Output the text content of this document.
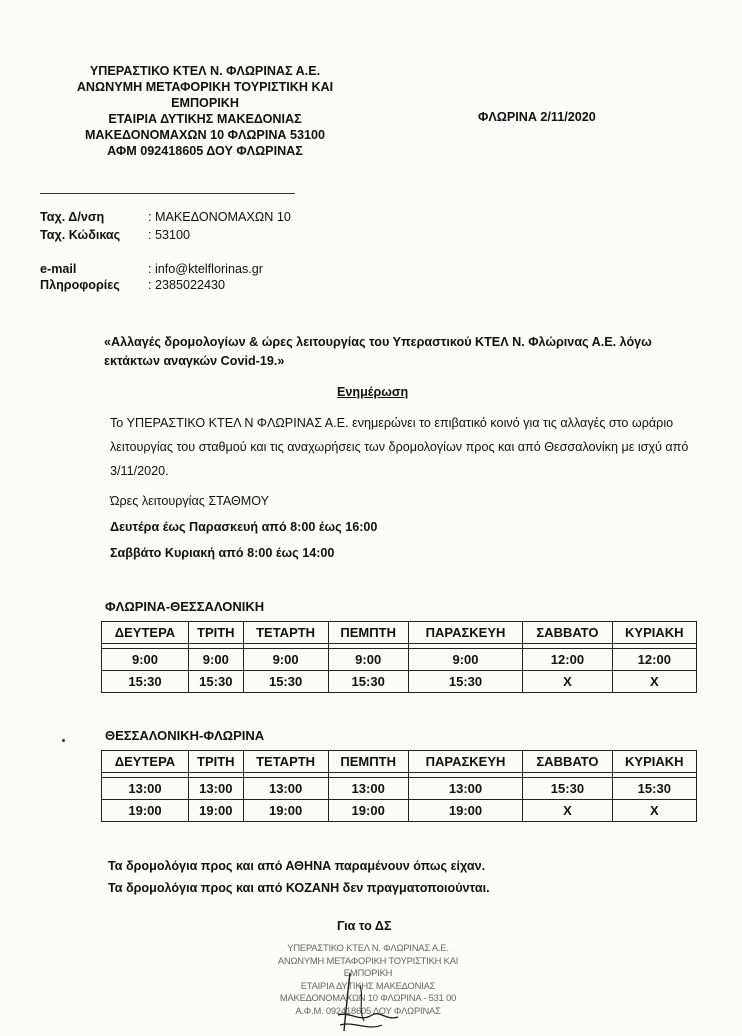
ΥΠΕΡΑΣΤΙΚΟ ΚΤΕΛ Ν. ΦΛΩΡΙΝΑΣ Α.Ε.
ΑΝΩΝΥΜΗ ΜΕΤΑΦΟΡΙΚΗ ΤΟΥΡΙΣΤΙΚΗ ΚΑΙ
ΕΜΠΟΡΙΚΗ
ΕΤΑΙΡΙΑ ΔΥΤΙΚΗΣ ΜΑΚΕΔΟΝΙΑΣ
ΜΑΚΕΔΟΝΟΜΑΧΩΝ 10 ΦΛΩΡΙΝΑ 53100
ΑΦΜ 092418605 ΔΟΥ ΦΛΩΡΙΝΑΣ
ΦΛΩΡΙΝΑ 2/11/2020
Ταχ. Δ/νση	: ΜΑΚΕΔΟΝΟΜΑΧΩΝ 10
Ταχ. Κώδικας	: 53100
e-mail	: info@ktelflorinas.gr
Πληροφορίες	: 2385022430
«Αλλαγές δρομολογίων & ώρες λειτουργίας του Υπεραστικού ΚΤΕΛ Ν. Φλώρινας Α.Ε. λόγω εκτάκτων αναγκών Covid-19.»
Ενημέρωση
Το ΥΠΕΡΑΣΤΙΚΟ ΚΤΕΛ Ν ΦΛΩΡΙΝΑΣ Α.Ε. ενημερώνει το επιβατικό κοινό για τις αλλαγές στο ωράριο λειτουργίας του σταθμού και τις αναχωρήσεις των δρομολογίων προς και από Θεσσαλονίκη με ισχύ από 3/11/2020.
Ώρες λειτουργίας ΣΤΑΘΜΟΥ
Δευτέρα έως Παρασκευή από 8:00 έως 16:00
Σαββάτο Κυριακή από 8:00 έως 14:00
ΦΛΩΡΙΝΑ-ΘΕΣΣΑΛΟΝΙΚΗ
ΔΕΥΤΕΡΑ	ΤΡΙΤΗ	ΤΕΤΑΡΤΗ	ΠΕΜΠΤΗ	ΠΑΡΑΣΚΕΥΗ	ΣΑΒΒΑΤΟ	ΚΥΡΙΑΚΗ

9:00	9:00	9:00	9:00	9:00	12:00	12:00
15:30	15:30	15:30	15:30	15:30	Χ	Χ
ΘΕΣΣΑΛΟΝΙΚΗ-ΦΛΩΡΙΝΑ
ΔΕΥΤΕΡΑ	ΤΡΙΤΗ	ΤΕΤΑΡΤΗ	ΠΕΜΠΤΗ	ΠΑΡΑΣΚΕΥΗ	ΣΑΒΒΑΤΟ	ΚΥΡΙΑΚΗ

13:00	13:00	13:00	13:00	13:00	15:30	15:30
19:00	19:00	19:00	19:00	19:00	Χ	Χ
Τα δρομολόγια προς και από ΑΘΗΝΑ παραμένουν όπως είχαν.
Τα δρομολόγια προς και από ΚΟΖΑΝΗ δεν πραγματοποιούνται.
Για το ΔΣ
ΥΠΕΡΑΣΤΙΚΟ ΚΤΕΛ Ν. ΦΛΩΡΙΝΑΣ Α.Ε.
ΑΝΩΝΥΜΗ ΜΕΤΑΦΟΡΙΚΗ ΤΟΥΡΙΣΤΙΚΗ ΚΑΙ ΕΜΠΟΡΙΚΗ
ΕΤΑΙΡΙΑ ΔΥΤΙΚΗΣ ΜΑΚΕΔΟΝΙΑΣ
ΜΑΚΕΔΟΝΟΜΑΧΩΝ 10 ΦΛΩΡΙΝΑ - 531 00
Α.Φ.Μ. 092418605 ΔΟΥ ΦΛΩΡΙΝΑΣ
